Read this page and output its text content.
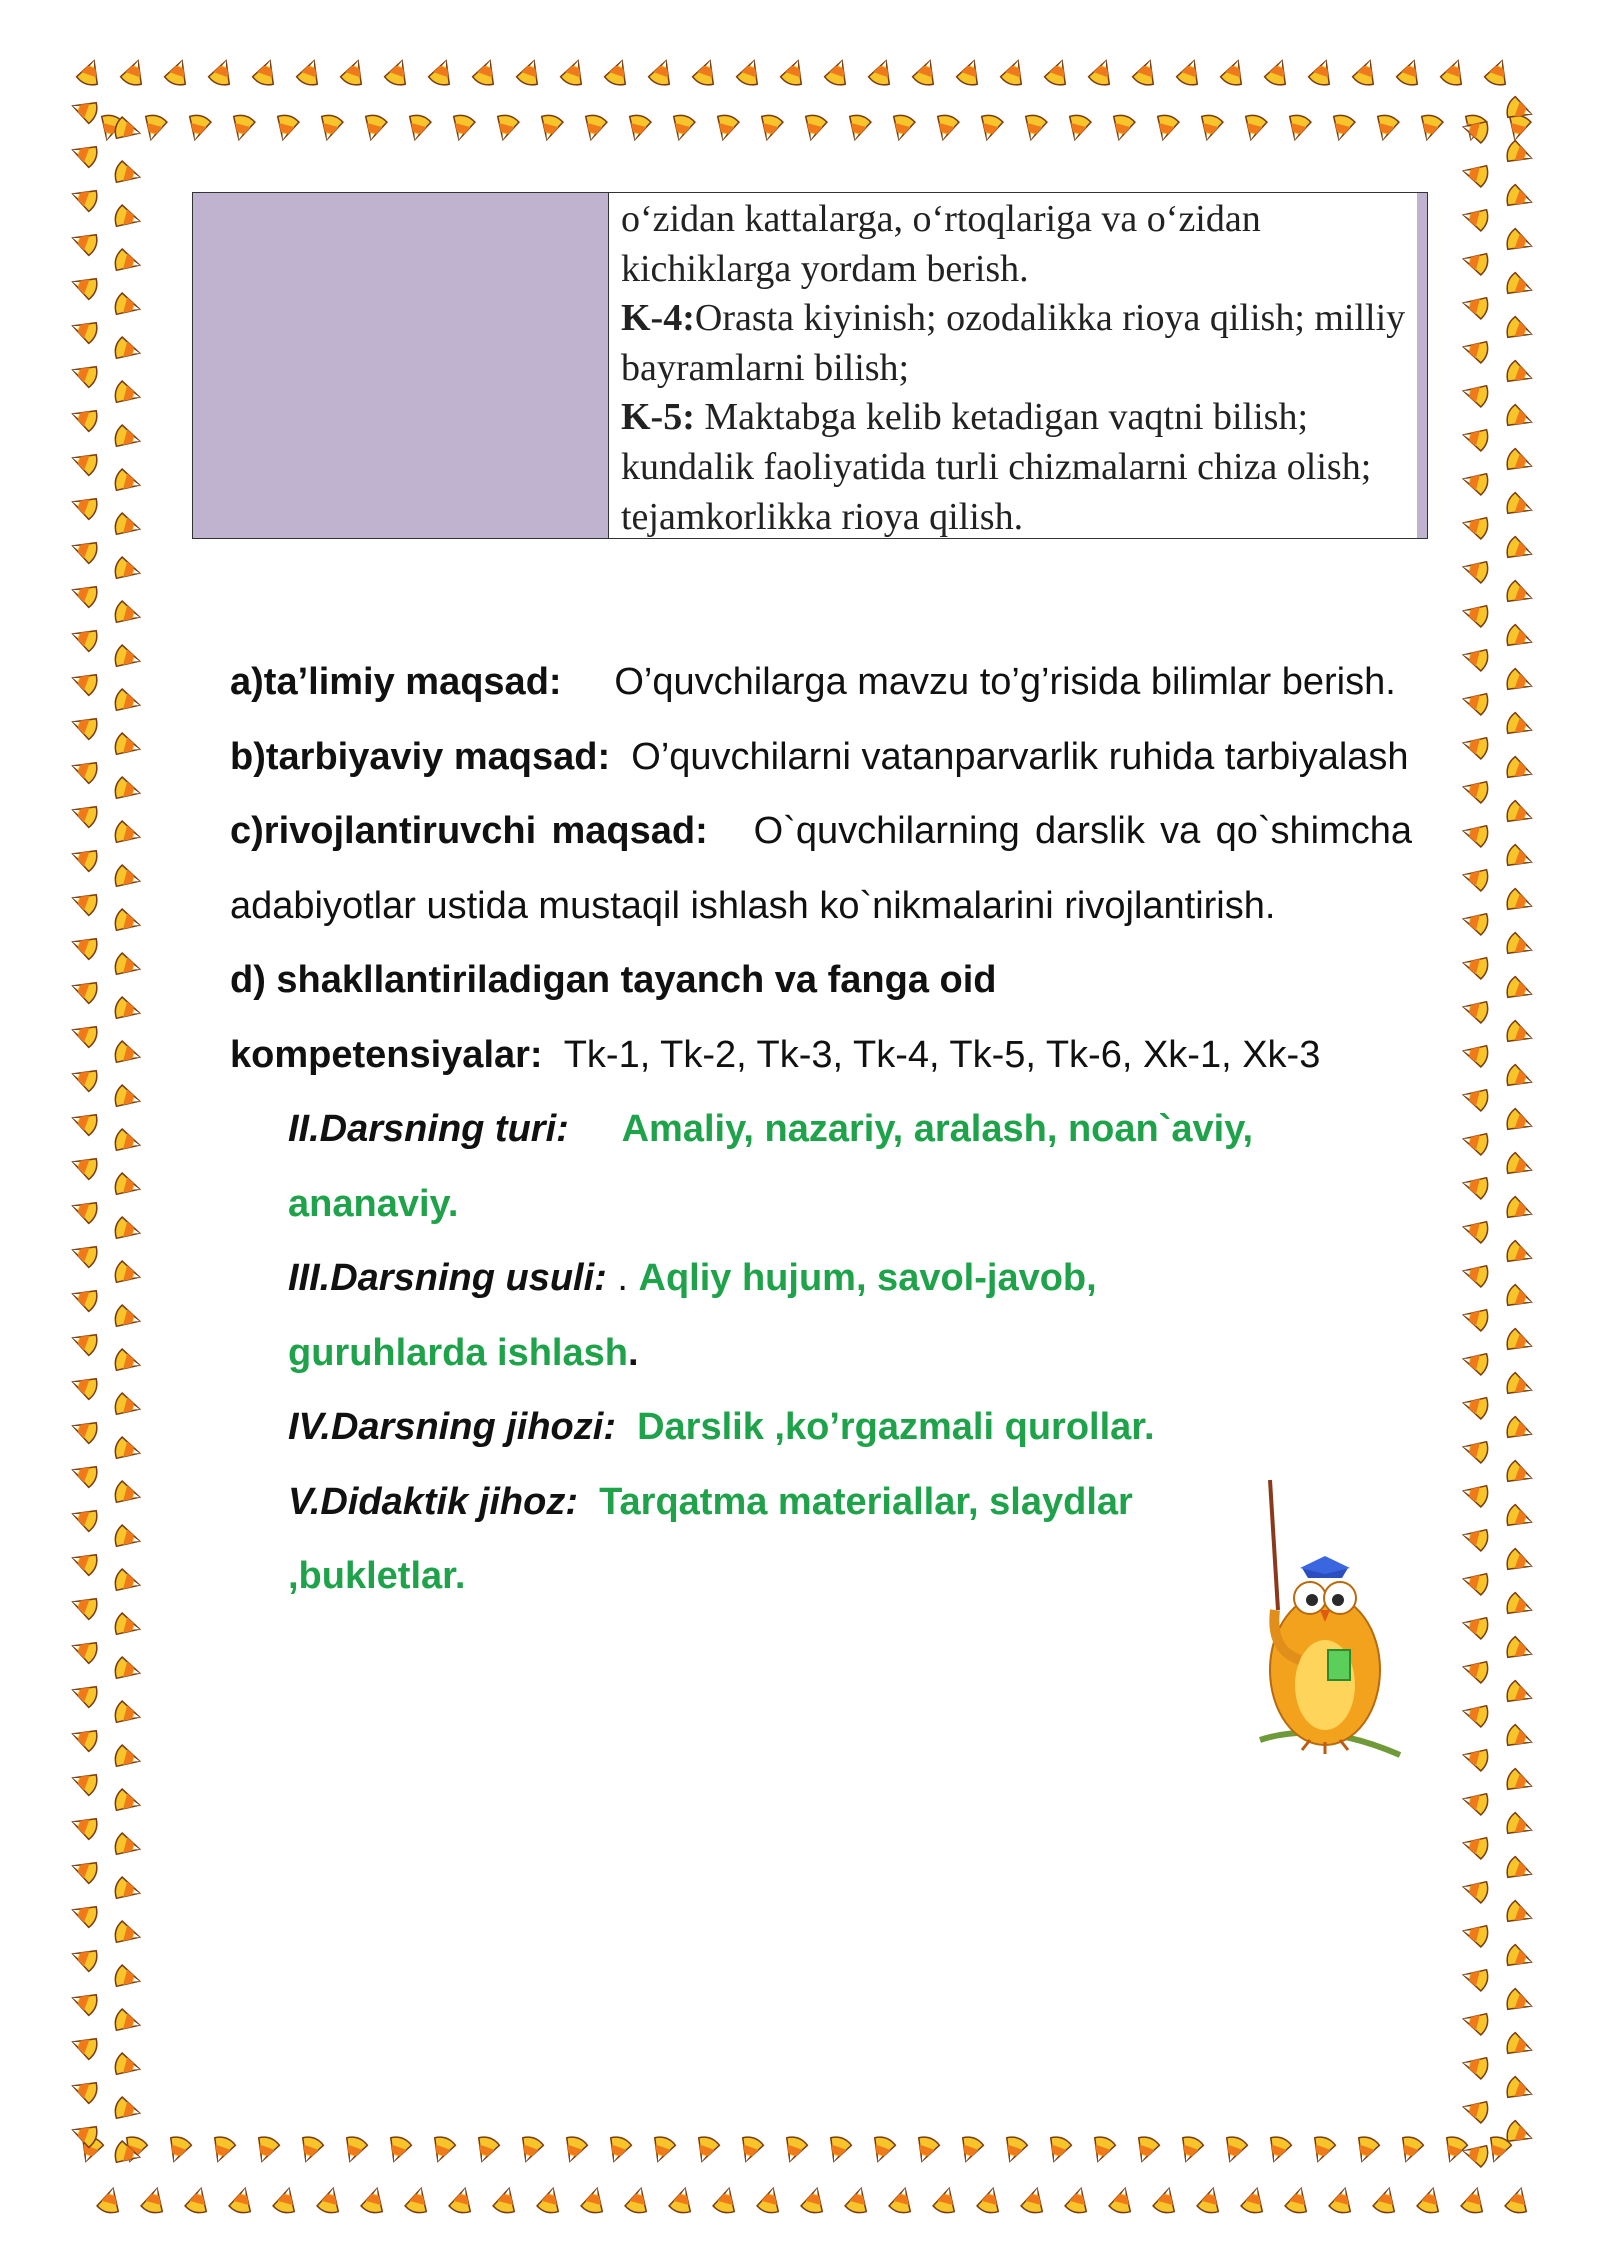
o‘zidan kattalarga, o‘rtoqlariga va o‘zidan kichiklarga yordam berish.
K-4:Orasta kiyinish; ozodalikka rioya qilish; milliy bayramlarni bilish;
K-5: Maktabga kelib ketadigan vaqtni bilish; kundalik faoliyatida turli chizmalarni chiza olish; tejamkorlikka rioya qilish.

a)ta’limiy maqsad: O’quvchilarga mavzu to’g’risida bilimlar berish.

b)tarbiyaviy maqsad: O’quvchilarni vatanparvarlik ruhida tarbiyalash

c)rivojlantiruvchi maqsad: O`quvchilarning darslik va qo`shimcha adabiyotlar ustida mustaqil ishlash ko`nikmalarini rivojlantirish.

d) shakllantiriladigan tayanch va fanga oid
kompetensiyalar: Tk-1, Tk-2, Tk-3, Tk-4, Tk-5, Tk-6, Xk-1, Xk-3

II.Darsning turi: Amaliy, nazariy, aralash, noan`aviy, ananaviy.

III.Darsning usuli: . Aqliy hujum, savol-javob, guruhlarda ishlash.

IV.Darsning jihozi: Darslik ,ko’rgazmali qurollar.

V.Didaktik jihoz: Tarqatma materiallar, slaydlar ,bukletlar.
